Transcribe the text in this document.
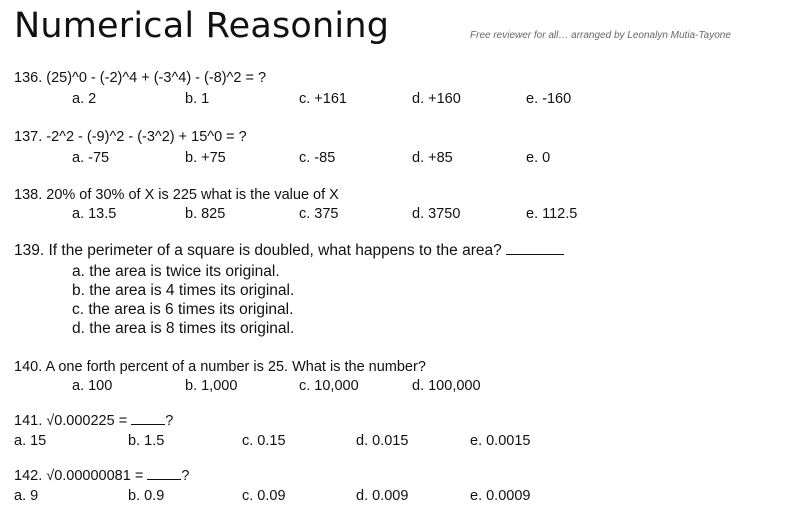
Numerical Reasoning	Free reviewer for all… arranged by Leonalyn Mutia-Tayone
136. (25)^0 - (-2)^4 + (-3^4) - (-8)^2 = ?
a. 2	b. 1	c. +161	d. +160	e. -160
137. -2^2 - (-9)^2 - (-3^2) + 15^0 = ?
a. -75	b. +75	c. -85	d. +85	e. 0
138. 20% of 30% of X is 225 what is the value of X
a. 13.5	b. 825	c. 375	d. 3750	e. 112.5
139. If the perimeter of a square is doubled, what happens to the area?
a. the area is twice its original.
b. the area is 4 times its original.
c. the area is 6 times its original.
d. the area is 8 times its original.
140. A one forth percent of a number is 25. What is the number?
a. 100	b. 1,000	c. 10,000	d. 100,000
141. √0.000225 =	?
a. 15	b. 1.5	c. 0.15	d. 0.015	e. 0.0015
142. √0.00000081 =	?
a. 9	b. 0.9	c. 0.09	d. 0.009	e. 0.0009
